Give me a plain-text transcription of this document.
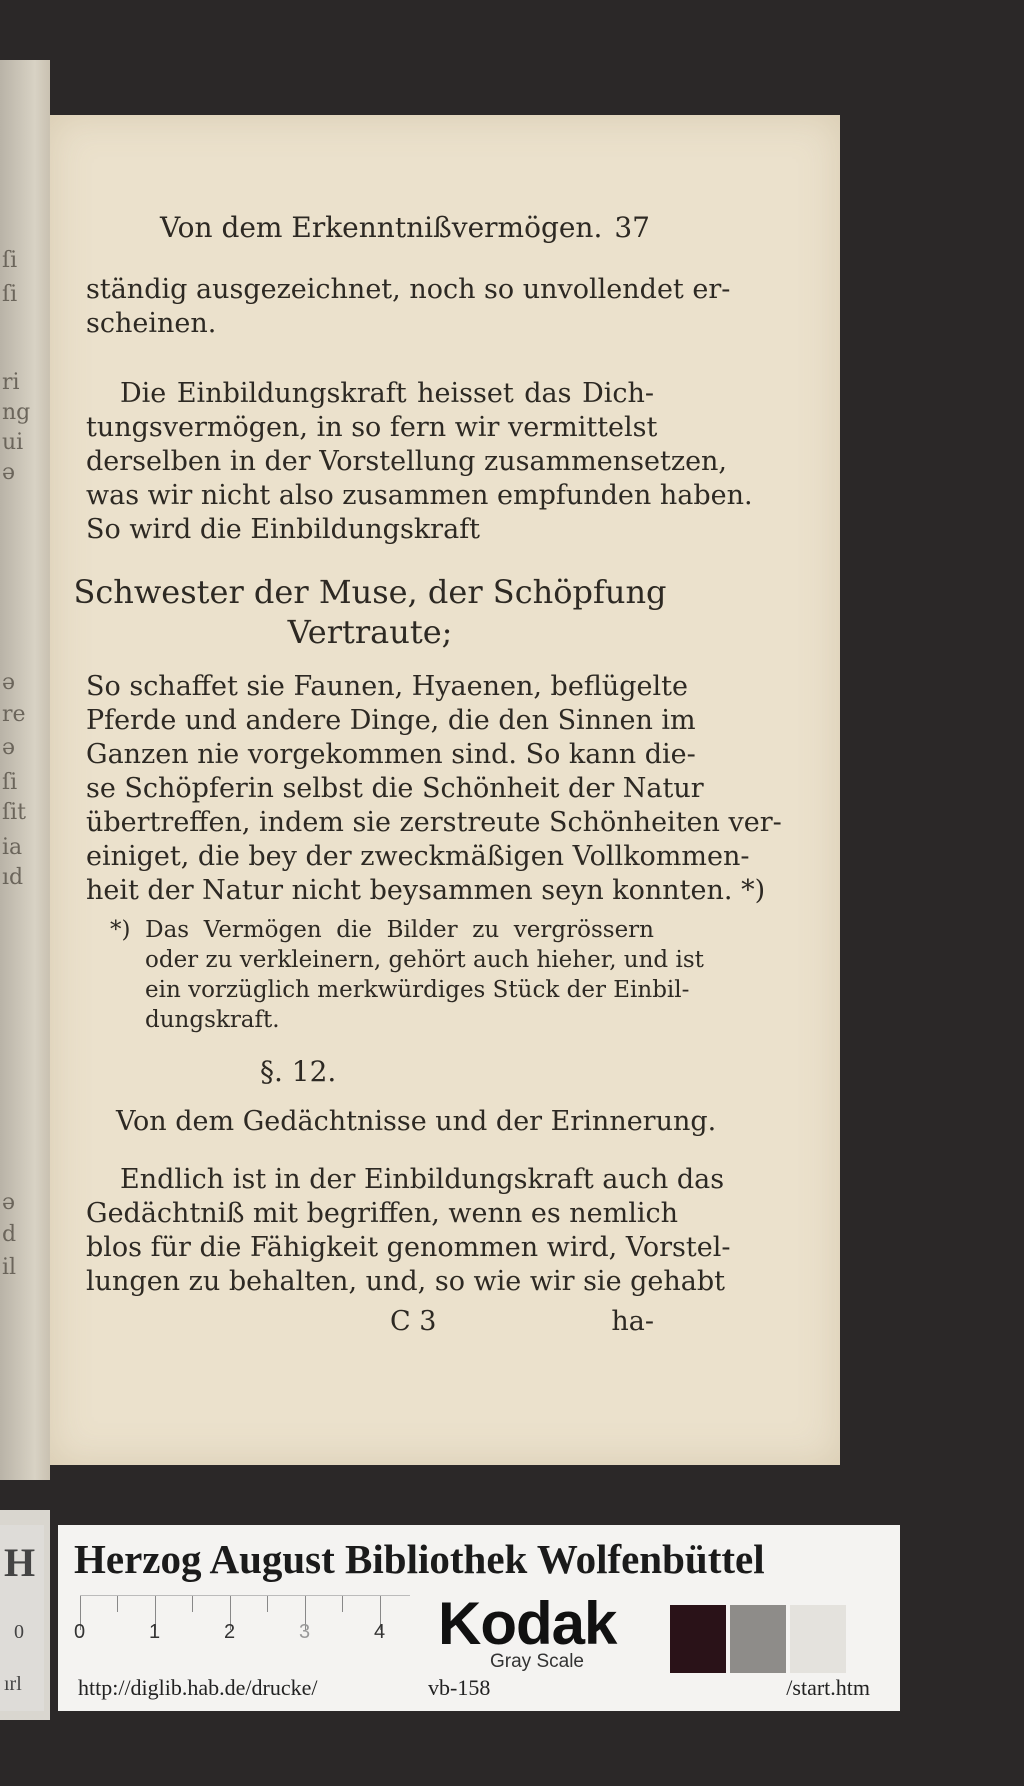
ſi
ſi
ri
ng
ui
ə
ə
re
ə
ſi
ſit
ia
ıd
ə
d
il
Von dem Erkenntnißvermögen. 37
ständig ausgezeichnet, noch so unvollendet er-
scheinen.
Die Einbildungskraft heisset das Dich-
tungsvermögen, in so fern wir vermittelst
derselben in der Vorstellung zusammensetzen,
was wir nicht also zusammen empfunden haben.
So wird die Einbildungskraft
Schwester der Muse, der Schöpfung
Vertraute;
So schaffet sie Faunen, Hyaenen, beflügelte
Pferde und andere Dinge, die den Sinnen im
Ganzen nie vorgekommen sind. So kann die-
se Schöpferin selbst die Schönheit der Natur
übertreffen, indem sie zerstreute Schönheiten ver-
einiget, die bey der zweckmäßigen Vollkommen-
heit der Natur nicht beysammen seyn konnten. *)
*) Das Vermögen die Bilder zu vergrössern
oder zu verkleinern, gehört auch hieher, und ist
ein vorzüglich merkwürdiges Stück der Einbil-
dungskraft.
§. 12.
Von dem Gedächtnisse und der Erinnerung.
Endlich ist in der Einbildungskraft auch das
Gedächtniß mit begriffen, wenn es nemlich
blos für die Fähigkeit genommen wird, Vorstel-
lungen zu behalten, und, so wie wir sie gehabt
C 3	ha-
H
0
ırl
Herzog August Bibliothek Wolfenbüttel
0	1	2	3	4 Kodak
Gray Scale
http://diglib.hab.de/drucke/	vb-158	/start.htm
